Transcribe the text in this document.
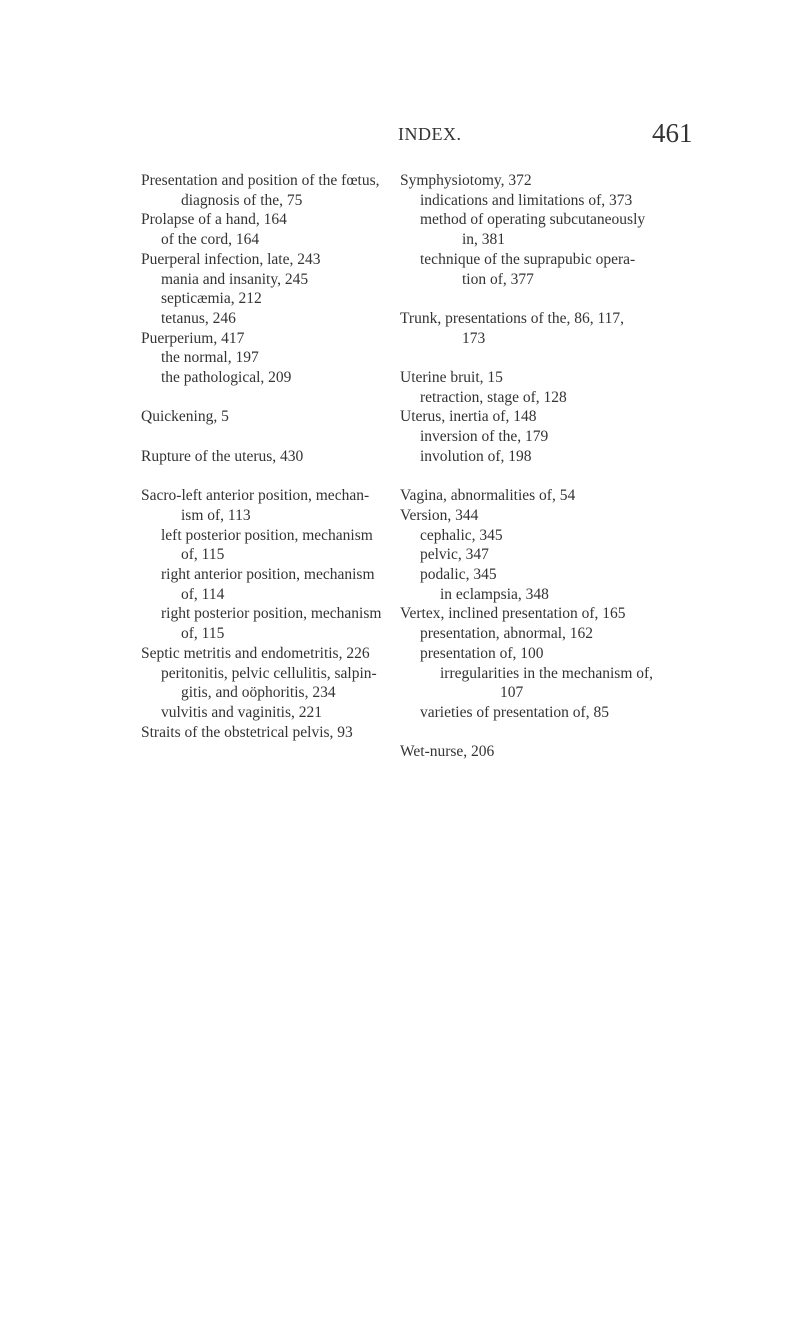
INDEX.	461
Presentation and position of the fœtus,
diagnosis of the, 75
Prolapse of a hand, 164
of the cord, 164
Puerperal infection, late, 243
mania and insanity, 245
septicæmia, 212
tetanus, 246
Puerperium, 417
the normal, 197
the pathological, 209
Quickening, 5
Rupture of the uterus, 430
Sacro-left anterior position, mechan-
ism of, 113
left posterior position, mechanism
of, 115
right anterior position, mechanism
of, 114
right posterior position, mechanism
of, 115
Septic metritis and endometritis, 226
peritonitis, pelvic cellulitis, salpin-
gitis, and oöphoritis, 234
vulvitis and vaginitis, 221
Straits of the obstetrical pelvis, 93
Symphysiotomy, 372
indications and limitations of, 373
method of operating subcutaneously
in, 381
technique of the suprapubic opera-
tion of, 377
Trunk, presentations of the, 86, 117,
173
Uterine bruit, 15
retraction, stage of, 128
Uterus, inertia of, 148
inversion of the, 179
involution of, 198
Vagina, abnormalities of, 54
Version, 344
cephalic, 345
pelvic, 347
podalic, 345
in eclampsia, 348
Vertex, inclined presentation of, 165
presentation, abnormal, 162
presentation of, 100
irregularities in the mechanism of,
107
varieties of presentation of, 85
Wet-nurse, 206
